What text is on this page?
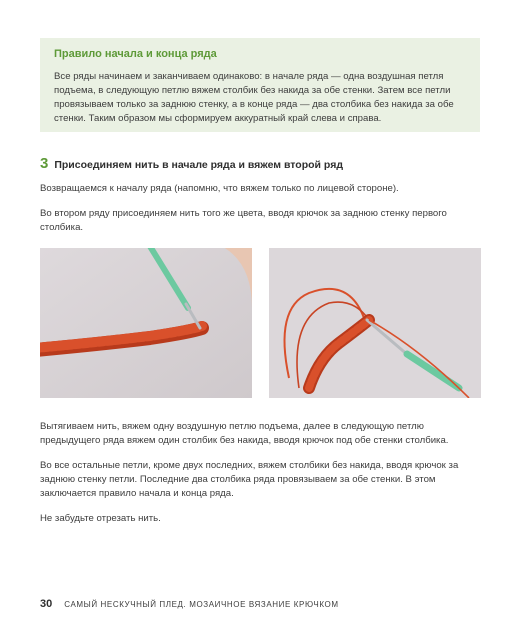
Правило начала и конца ряда

Все ряды начинаем и заканчиваем одинаково: в начале ряда — одна воздушная петля подъема, в следующую петлю вяжем столбик без накида за обе стенки. Затем все петли провязываем только за заднюю стенку, а в конце ряда — два столбика без накида за обе стенки. Таким образом мы сформируем аккуратный край слева и справа.

3 Присоединяем нить в начале ряда и вяжем второй ряд

Возвращаемся к началу ряда (напомню, что вяжем только по лицевой стороне).

Во втором ряду присоединяем нить того же цвета, вводя крючок за заднюю стенку первого столбика.

Вытягиваем нить, вяжем одну воздушную петлю подъема, далее в следующую петлю предыдущего ряда вяжем один столбик без накида, вводя крючок под обе стенки столбика.

Во все остальные петли, кроме двух последних, вяжем столбики без накида, вводя крючок за заднюю стенку петли. Последние два столбика ряда провязываем за обе стенки. В этом заключается правило начала и конца ряда.

Не забудьте отрезать нить.

30 САМЫЙ НЕСКУЧНЫЙ ПЛЕД. МОЗАИЧНОЕ ВЯЗАНИЕ КРЮЧКОМ
